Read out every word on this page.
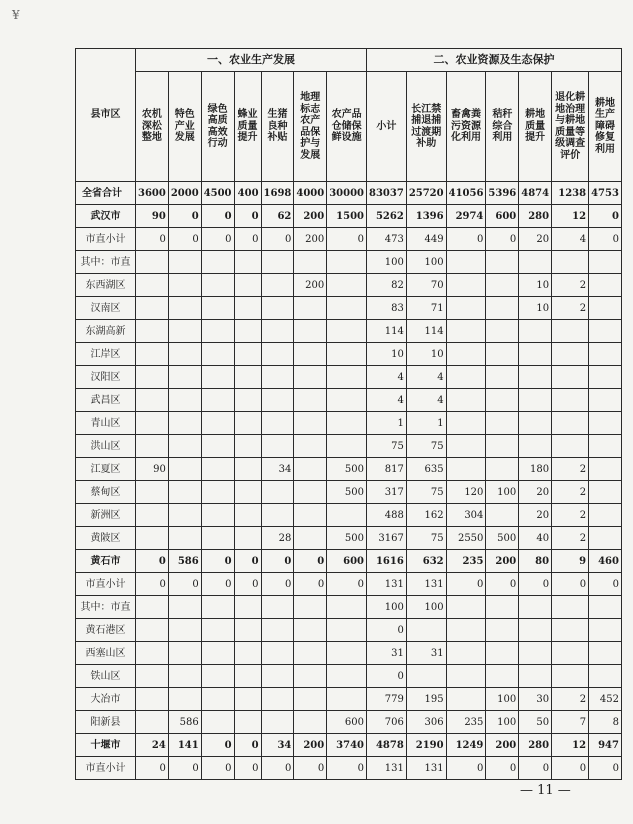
¥
县市区	一、农业生产发展							二、农业资源及生态保护						
	农机深松整地	特色产业发展	绿色高质高效行动	蜂业质量提升	生猪良种补贴	地理标志农产品保护与发展	农产品仓储保鲜设施	小计	长江禁捕退捕过渡期补助	畜禽粪污资源化利用	秸秆综合利用	耕地质量提升	退化耕地治理与耕地质量等级调查评价	耕地生产障碍修复利用
全省合计	3600	2000	4500	400	1698	4000	30000	83037	25720	41056	5396	4874	1238	4753
武汉市	90	0	0	0	62	200	1500	5262	1396	2974	600	280	12	0
市直小计	0	0	0	0	0	200	0	473	449	0	0	20	4	0
其中：市直								100	100					
东西湖区						200		82	70			10	2	
汉南区								83	71			10	2	
东湖高新								114	114					
江岸区								10	10					
汉阳区								4	4					
武昌区								4	4					
青山区								1	1					
洪山区								75	75					
江夏区	90				34		500	817	635			180	2	
蔡甸区							500	317	75	120	100	20	2	
新洲区								488	162	304		20	2	
黄陂区					28		500	3167	75	2550	500	40	2	
黄石市	0	586	0	0	0	0	600	1616	632	235	200	80	9	460
市直小计	0	0	0	0	0	0	0	131	131	0	0	0	0	0
其中：市直								100	100					
黄石港区								0						
西塞山区								31	31					
铁山区								0						
大冶市								779	195		100	30	2	452
阳新县		586					600	706	306	235	100	50	7	8
十堰市	24	141	0	0	34	200	3740	4878	2190	1249	200	280	12	947
市直小计	0	0	0	0	0	0	0	131	131	0	0	0	0	0
— 11 —
